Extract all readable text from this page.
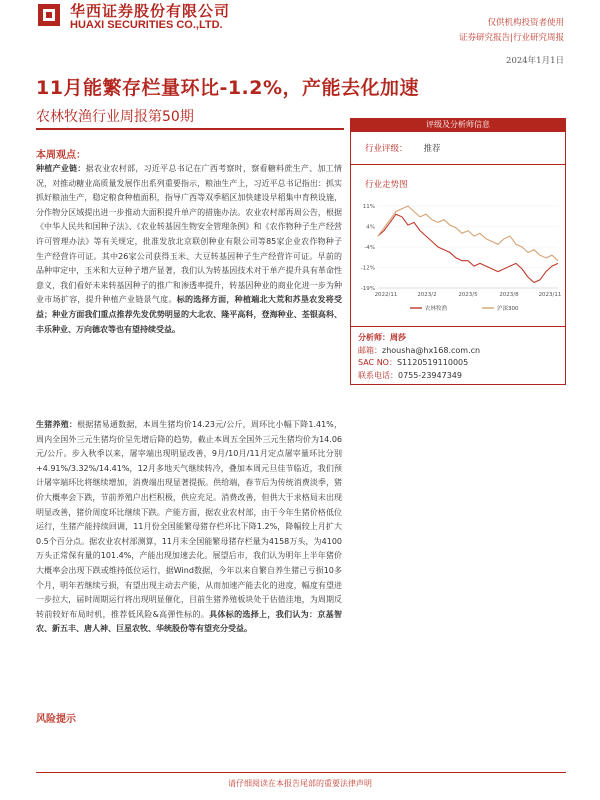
华西证券股份有限公司
HUAXI SECURITIES CO.,LTD.	仅供机构投资者使用
证券研究报告|行业研究周报
2024年1月1日
11月能繁存栏量环比-1.2%，产能去化加速
农林牧渔行业周报第50期
本周观点：
种植产业链：据农业农村部，习近平总书记在广西考察时，察看糖料蔗生产、加工情况，对推动糖业高质量发展作出系列重要指示，粮油生产上，习近平总书记指出：抓实抓好粮油生产，稳定粮食种植面积，指导广西等双季稻区加快建设早稻集中育秧设施，分作物分区域提出进一步推动大面积提升单产的措施办法。农业农村部再周公告，根据《中华人民共和国种子法》、《农业转基因生物安全管理条例》和《农作物种子生产经营许可管理办法》等有关规定，批准发放北京联创种业有限公司等85家企业农作物种子生产经营许可证。其中26家公司获得玉米、大豆转基因种子生产经营许可证。早前的品种审定中，玉米和大豆种子增产显著，我们认为转基因技术对于单产提升具有革命性意义，我们看好未来转基因种子的推广和渗透率提升，转基因种业的商业化进一步为种业市场扩容，提升种植产业链景气度。标的选择方面，种植端北大荒和苏垦农发将受益；种业方面我们重点推荐先发优势明显的大北农、隆平高科，登海种业、荃银高科、丰乐种业、万向德农等也有望持续受益。
生猪养殖：根据猪易通数据，本周生猪均价14.23元/公斤，周环比小幅下降1.41%，周内全国外三元生猪均价呈先增后降的趋势，截止本周五全国外三元生猪均价为14.06元/公斤。步入秋季以来，屠宰端出现明显改善，9月/10月/11月定点屠宰量环比分别+4.91%/3.32%/14.41%，12月多地天气继续转冷，叠加本周元旦佳节临近，我们预计屠宰端环比将继续增加，消费端出现显著提振。供给端，春节后为传统消费淡季，猪价大概率会下跌，节前养殖户出栏积极，供应充足。消费改善，但供大于求格局未出现明显改善，猪价周度环比继续下跌。产能方面，据农业农村部，由于今年生猪价格低位运行，生猪产能持续回调，11月份全国能繁母猪存栏环比下降1.2%，降幅较上月扩大0.5个百分点。据农业农村部测算，11月末全国能繁母猪存栏量为4158万头，为4100万头正常保有量的101.4%，产能出现加速去化。展望后市，我们认为明年上半年猪价大概率会出现下跌或维持低位运行，据Wind数据，今年以来自繁自养生猪已亏损10多个月，明年若继续亏损，有望出现主动去产能，从而加速产能去化的进度，幅度有望进一步拉大，届时周期运行将出现明显催化，目前生猪养殖板块处于估值洼地，为周期反转前较好布局时机，推荐低风险&高弹性标的。具体标的选择上，我们认为：京基智农、新五丰、唐人神、巨星农牧、华统股份等有望充分受益。
风险提示
评级及分析师信息
行业评级： 推荐
行业走势图
11%
4%
-4%
-12%
-19%
2022/11	2023/2	2023/5	2023/8	2023/11
农林牧渔	沪深300
分析师：周莎
邮箱：zhousha@hx168.com.cn
SAC NO：S1120519110005
联系电话：0755-23947349
请仔细阅读在本报告尾部的重要法律声明
